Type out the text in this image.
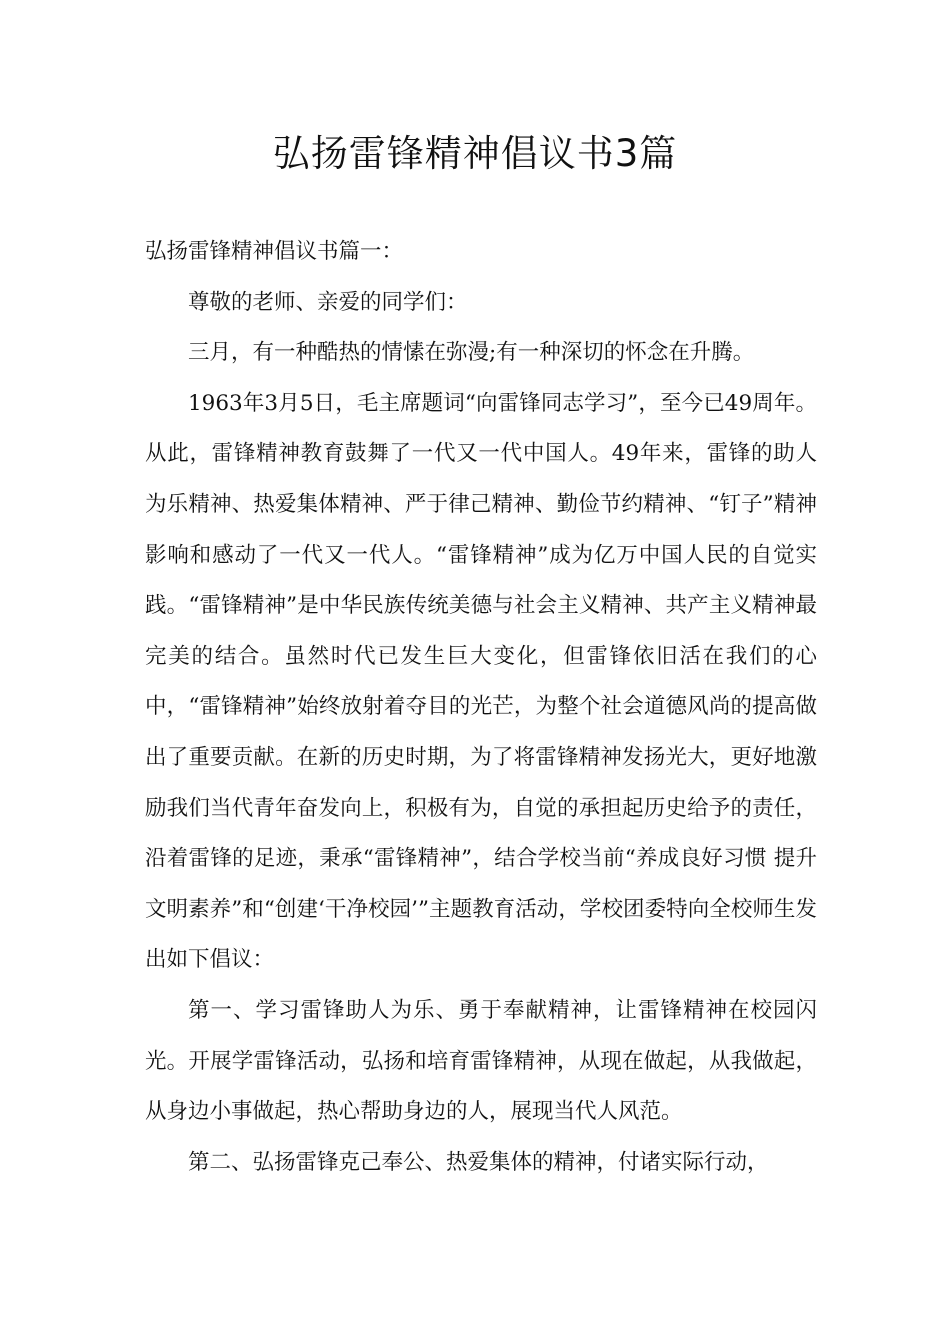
弘扬雷锋精神倡议书3篇

弘扬雷锋精神倡议书篇一：

尊敬的老师、亲爱的同学们：

三月，有一种酷热的情愫在弥漫;有一种深切的怀念在升腾。

1963年3月5日，毛主席题词“向雷锋同志学习”，至今已49周年。从此，雷锋精神教育鼓舞了一代又一代中国人。49年来，雷锋的助人为乐精神、热爱集体精神、严于律己精神、勤俭节约精神、“钉子”精神影响和感动了一代又一代人。“雷锋精神”成为亿万中国人民的自觉实践。“雷锋精神”是中华民族传统美德与社会主义精神、共产主义精神最完美的结合。虽然时代已发生巨大变化，但雷锋依旧活在我们的心中，“雷锋精神”始终放射着夺目的光芒，为整个社会道德风尚的提高做出了重要贡献。在新的历史时期，为了将雷锋精神发扬光大，更好地激励我们当代青年奋发向上，积极有为，自觉的承担起历史给予的责任，沿着雷锋的足迹，秉承“雷锋精神”，结合学校当前“养成良好习惯 提升文明素养”和“创建‘干净校园’”主题教育活动，学校团委特向全校师生发出如下倡议：

第一、学习雷锋助人为乐、勇于奉献精神，让雷锋精神在校园闪光。开展学雷锋活动，弘扬和培育雷锋精神，从现在做起，从我做起，从身边小事做起，热心帮助身边的人，展现当代人风范。

第二、弘扬雷锋克己奉公、热爱集体的精神，付诸实际行动，
